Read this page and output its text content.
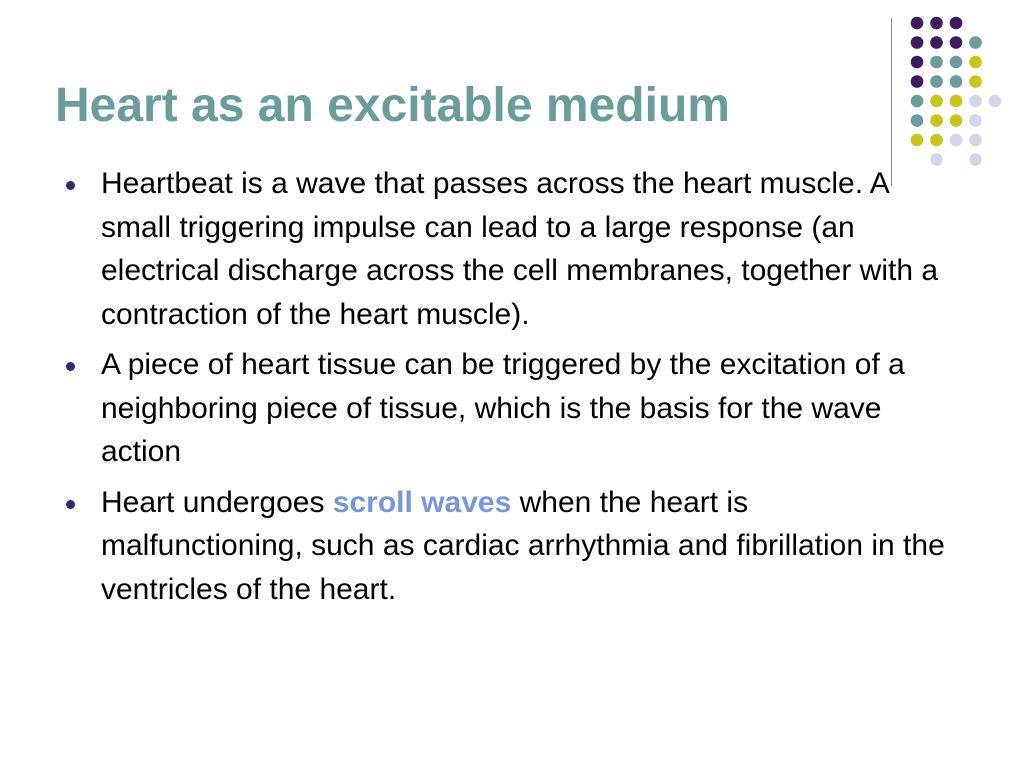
Heart as an excitable medium
Heartbeat is a wave that passes across the heart muscle. A small triggering impulse can lead to a large response (an electrical discharge across the cell membranes, together with a contraction of the heart muscle).
A piece of heart tissue can be triggered by the excitation of a neighboring piece of tissue, which is the basis for the wave action
Heart undergoes scroll waves when the heart is malfunctioning, such as cardiac arrhythmia and fibrillation in the ventricles of the heart.
